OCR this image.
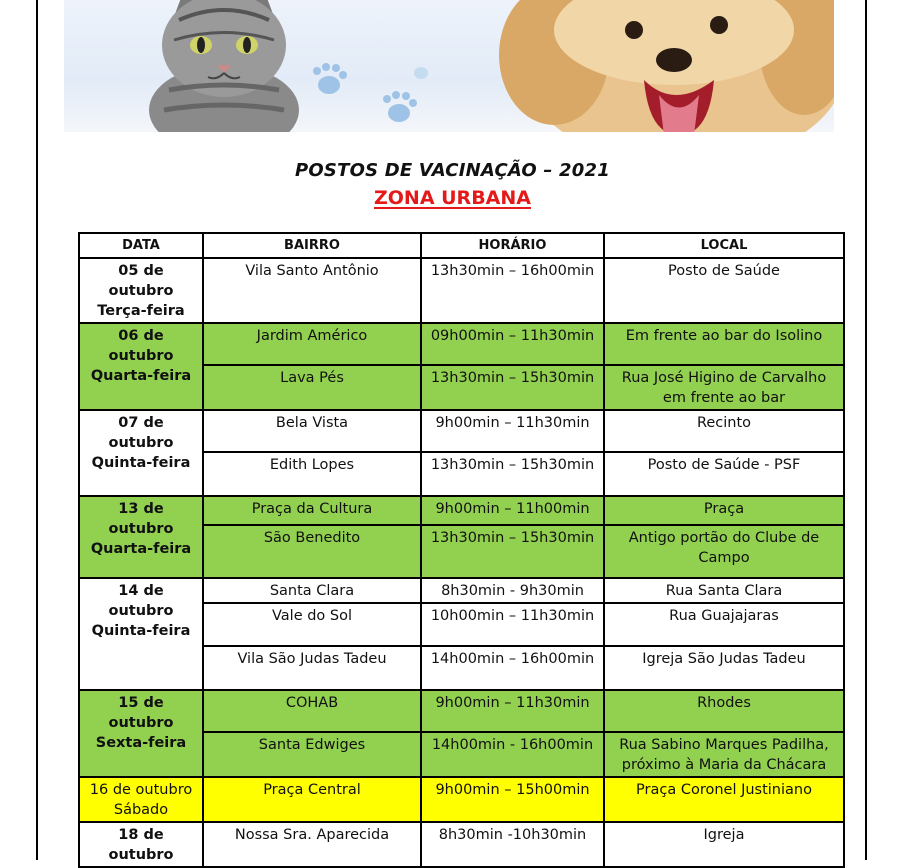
POSTOS DE VACINAÇÃO – 2021
ZONA URBANA
DATA	BAIRRO	HORÁRIO	LOCAL

05 de
outubro
Terça-feira	Vila Santo Antônio	13h30min – 16h00min	Posto de Saúde

06 de
outubro
Quarta-feira	Jardim Américo	09h00min – 11h30min	Em frente ao bar do Isolino
	Lava Pés	13h30min – 15h30min	Rua José Higino de Carvalho em frente ao bar

07 de
outubro
Quinta-feira	Bela Vista	9h00min – 11h30min	Recinto
	Edith Lopes	13h30min – 15h30min	Posto de Saúde - PSF

13 de
outubro
Quarta-feira	Praça da Cultura	9h00min – 11h00min	Praça
	São Benedito	13h30min – 15h30min	Antigo portão do Clube de Campo

14 de
outubro
Quinta-feira	Santa Clara	8h30min - 9h30min	Rua Santa Clara
	Vale do Sol	10h00min – 11h30min	Rua Guajajaras
	Vila São Judas Tadeu	14h00min – 16h00min	Igreja São Judas Tadeu

15 de
outubro
Sexta-feira	COHAB	9h00min – 11h30min	Rhodes
	Santa Edwiges	14h00min - 16h00min	Rua Sabino Marques Padilha, próximo à Maria da Chácara

16 de outubro
Sábado	Praça Central	9h00min – 15h00min	Praça Coronel Justiniano

18 de
outubro	Nossa Sra. Aparecida	8h30min -10h30min	Igreja
